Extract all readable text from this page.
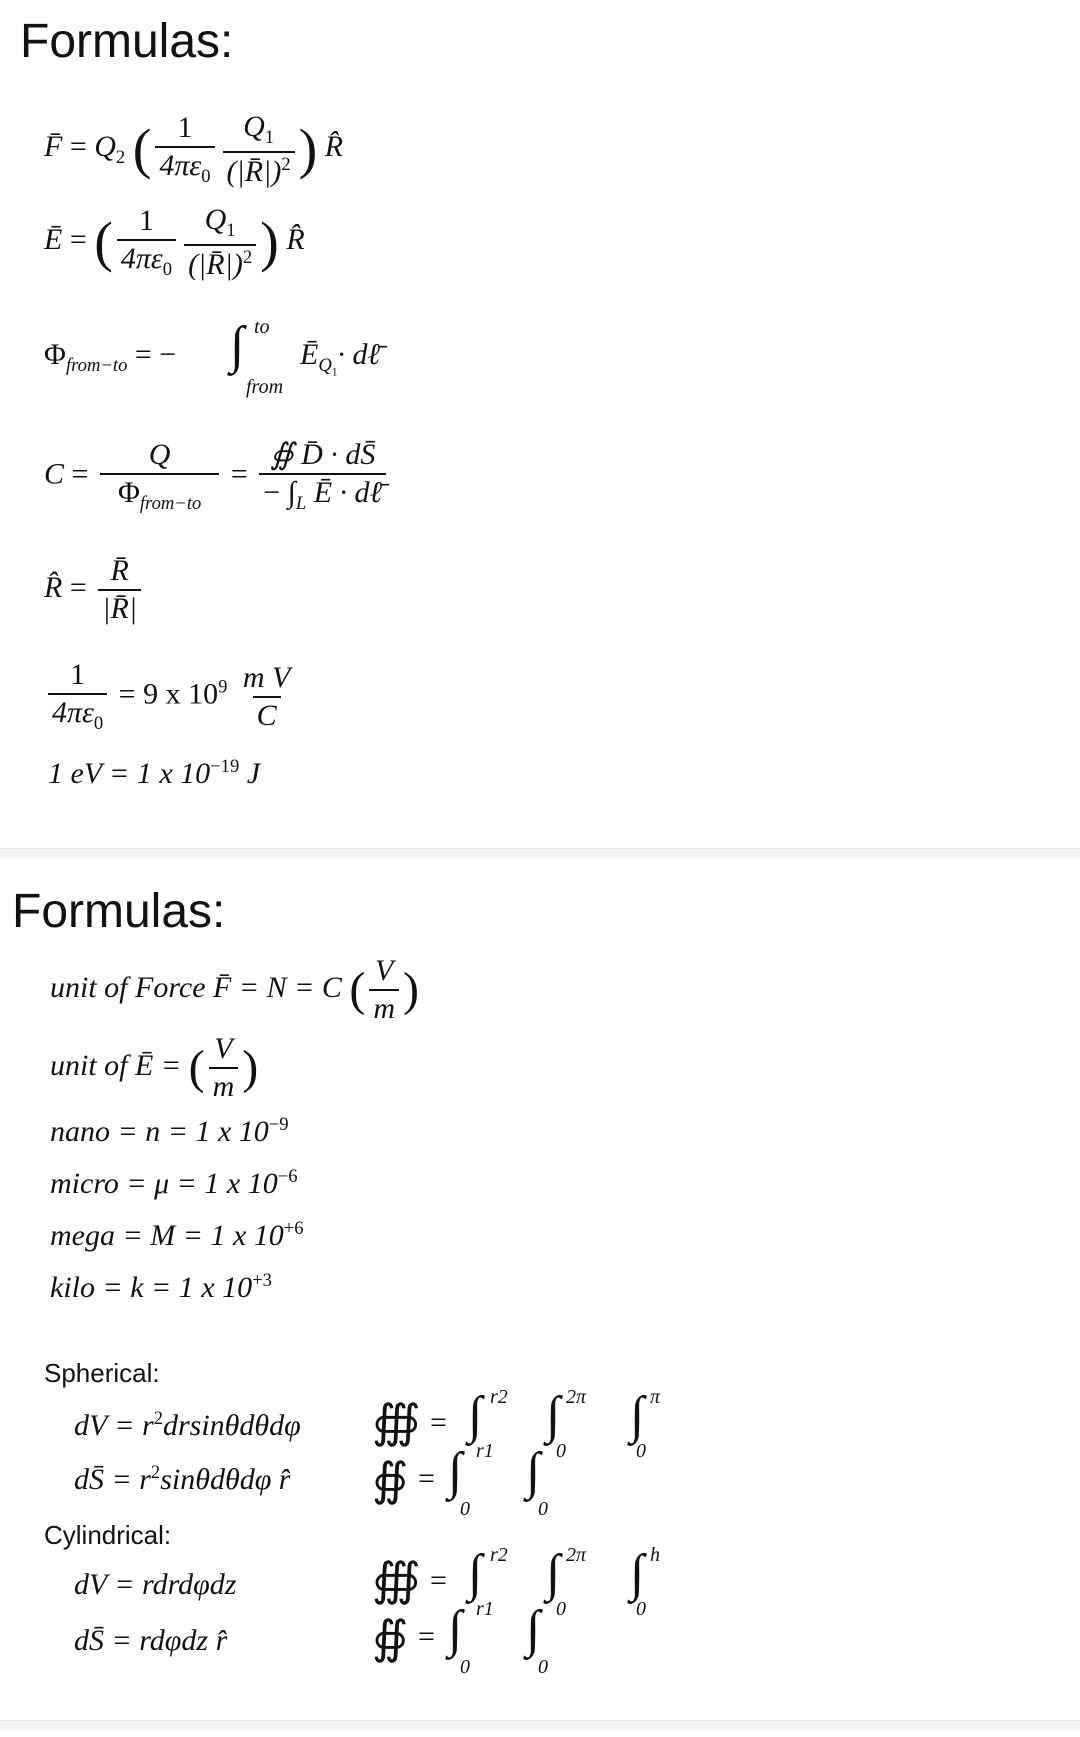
Formulas:
F̄ = $Q_2$ ( $\frac{1}{4\pi\varepsilon_0} \frac{Q_1}{(|R̄|)^2}$ ) R̂
Ē = ( $\frac{1}{4\pi\varepsilon_0} \frac{Q_1}{(|R̄|)^2}$ ) R̂
$\Phi_{from-to}$ = − ∫ to
from
$Ē_{Q_1}\cdot$ dℓ̄
C =
Q
$\Phi_{from-to}$
=
∯ D̄ · dS̄
− $\int_L$ Ē · dℓ̄
R̂ = $\frac{R̄}{|R̄|}$
$\frac{1}{4\pi\varepsilon_0} = 9$ x $10^9 \frac{\text{m V}}{C}$
1 eV = 1 x $10^{-19}$ J
Formulas:
unit of Force F̄ = N = C ( $\frac{V}{m}$ )
unit of Ē = ( $\frac{V}{m}$ )
nano = n = 1 x $10^{-9}$
micro = μ = 1 x $10^{-6}$
mega = M = 1 x $10^{+6}$
kilo = k = 1 x $10^{+3}$
Spherical:
dV = $r^2drsin\theta d\theta d\varphi$
dS̄ = $r^2\sin\theta d\theta d\varphi$ r̂
∰ =
∯ =
∫ r2
r1
∫ 2π
0
∫ π
0
∫
0
∫
0
Cylindrical:
dV = rdrdφdz
dS̄ = rdφdz r̂
∰ =
∯ =
∫ r2
r1
∫ 2π
0
∫ h
0
∫
0
∫
0
